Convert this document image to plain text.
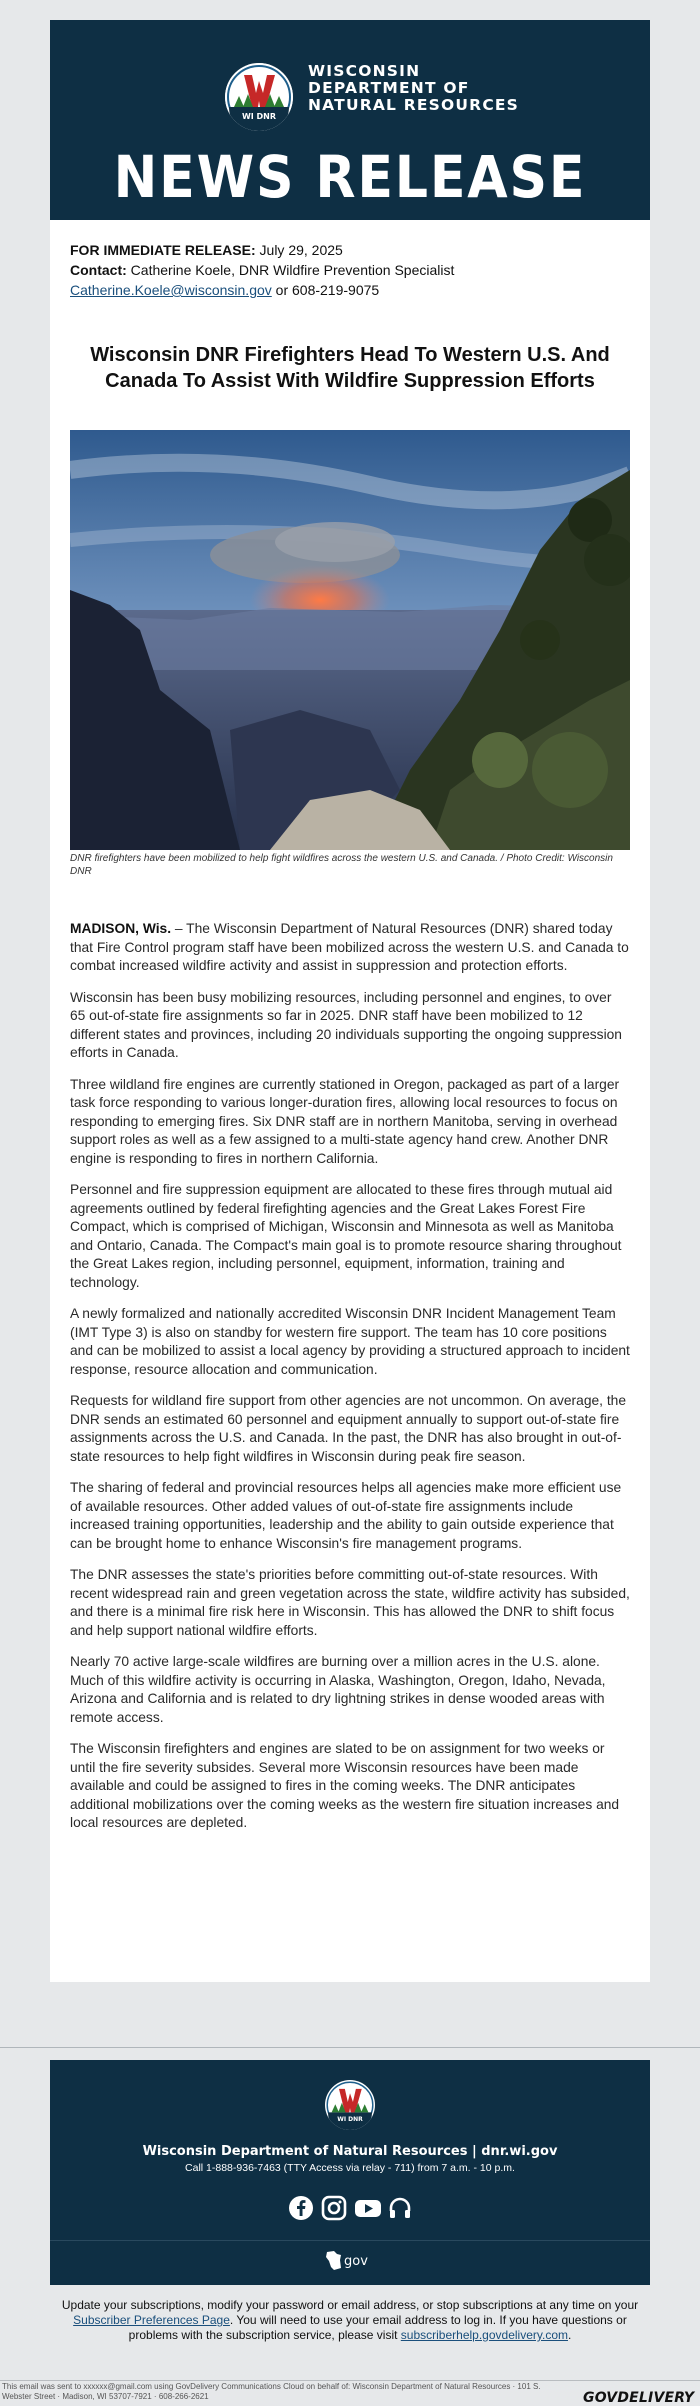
WI DNR
WISCONSIN
DEPARTMENT OF
NATURAL RESOURCES
NEWS RELEASE
FOR IMMEDIATE RELEASE: July 29, 2025
Contact: Catherine Koele, DNR Wildfire Prevention Specialist
Catherine.Koele@wisconsin.gov or 608-219-9075
Wisconsin DNR Firefighters Head To Western U.S. And Canada To Assist With Wildfire Suppression Efforts
DNR firefighters have been mobilized to help fight wildfires across the western U.S. and Canada. / Photo Credit: Wisconsin DNR

MADISON, Wis. – The Wisconsin Department of Natural Resources (DNR) shared today that Fire Control program staff have been mobilized across the western U.S. and Canada to combat increased wildfire activity and assist in suppression and protection efforts.

Wisconsin has been busy mobilizing resources, including personnel and engines, to over 65 out-of-state fire assignments so far in 2025. DNR staff have been mobilized to 12 different states and provinces, including 20 individuals supporting the ongoing suppression efforts in Canada.

Three wildland fire engines are currently stationed in Oregon, packaged as part of a larger task force responding to various longer-duration fires, allowing local resources to focus on responding to emerging fires. Six DNR staff are in northern Manitoba, serving in overhead support roles as well as a few assigned to a multi-state agency hand crew. Another DNR engine is responding to fires in northern California.

Personnel and fire suppression equipment are allocated to these fires through mutual aid agreements outlined by federal firefighting agencies and the Great Lakes Forest Fire Compact, which is comprised of Michigan, Wisconsin and Minnesota as well as Manitoba and Ontario, Canada. The Compact's main goal is to promote resource sharing throughout the Great Lakes region, including personnel, equipment, information, training and technology.

A newly formalized and nationally accredited Wisconsin DNR Incident Management Team (IMT Type 3) is also on standby for western fire support. The team has 10 core positions and can be mobilized to assist a local agency by providing a structured approach to incident response, resource allocation and communication.

Requests for wildland fire support from other agencies are not uncommon. On average, the DNR sends an estimated 60 personnel and equipment annually to support out-of-state fire assignments across the U.S. and Canada. In the past, the DNR has also brought in out-of-state resources to help fight wildfires in Wisconsin during peak fire season.

The sharing of federal and provincial resources helps all agencies make more efficient use of available resources. Other added values of out-of-state fire assignments include increased training opportunities, leadership and the ability to gain outside experience that can be brought home to enhance Wisconsin's fire management programs.

The DNR assesses the state's priorities before committing out-of-state resources. With recent widespread rain and green vegetation across the state, wildfire activity has subsided, and there is a minimal fire risk here in Wisconsin. This has allowed the DNR to shift focus and help support national wildfire efforts.

Nearly 70 active large-scale wildfires are burning over a million acres in the U.S. alone. Much of this wildfire activity is occurring in Alaska, Washington, Oregon, Idaho, Nevada, Arizona and California and is related to dry lightning strikes in dense wooded areas with remote access.

The Wisconsin firefighters and engines are slated to be on assignment for two weeks or until the fire severity subsides. Several more Wisconsin resources have been made available and could be assigned to fires in the coming weeks. The DNR anticipates additional mobilizations over the coming weeks as the western fire situation increases and local resources are depleted.

WI DNR
Wisconsin Department of Natural Resources | dnr.wi.gov
Call 1-888-936-7463 (TTY Access via relay - 711) from 7 a.m. - 10 p.m.
gov
Update your subscriptions, modify your password or email address, or stop subscriptions at any time on your Subscriber Preferences Page. You will need to use your email address to log in. If you have questions or problems with the subscription service, please visit subscriberhelp.govdelivery.com.
This email was sent to xxxxxx@gmail.com using GovDelivery Communications Cloud on behalf of: Wisconsin Department of Natural Resources · 101 S. Webster Street · Madison, WI 53707-7921 · 608-266-2621	GOVDELIVERY
